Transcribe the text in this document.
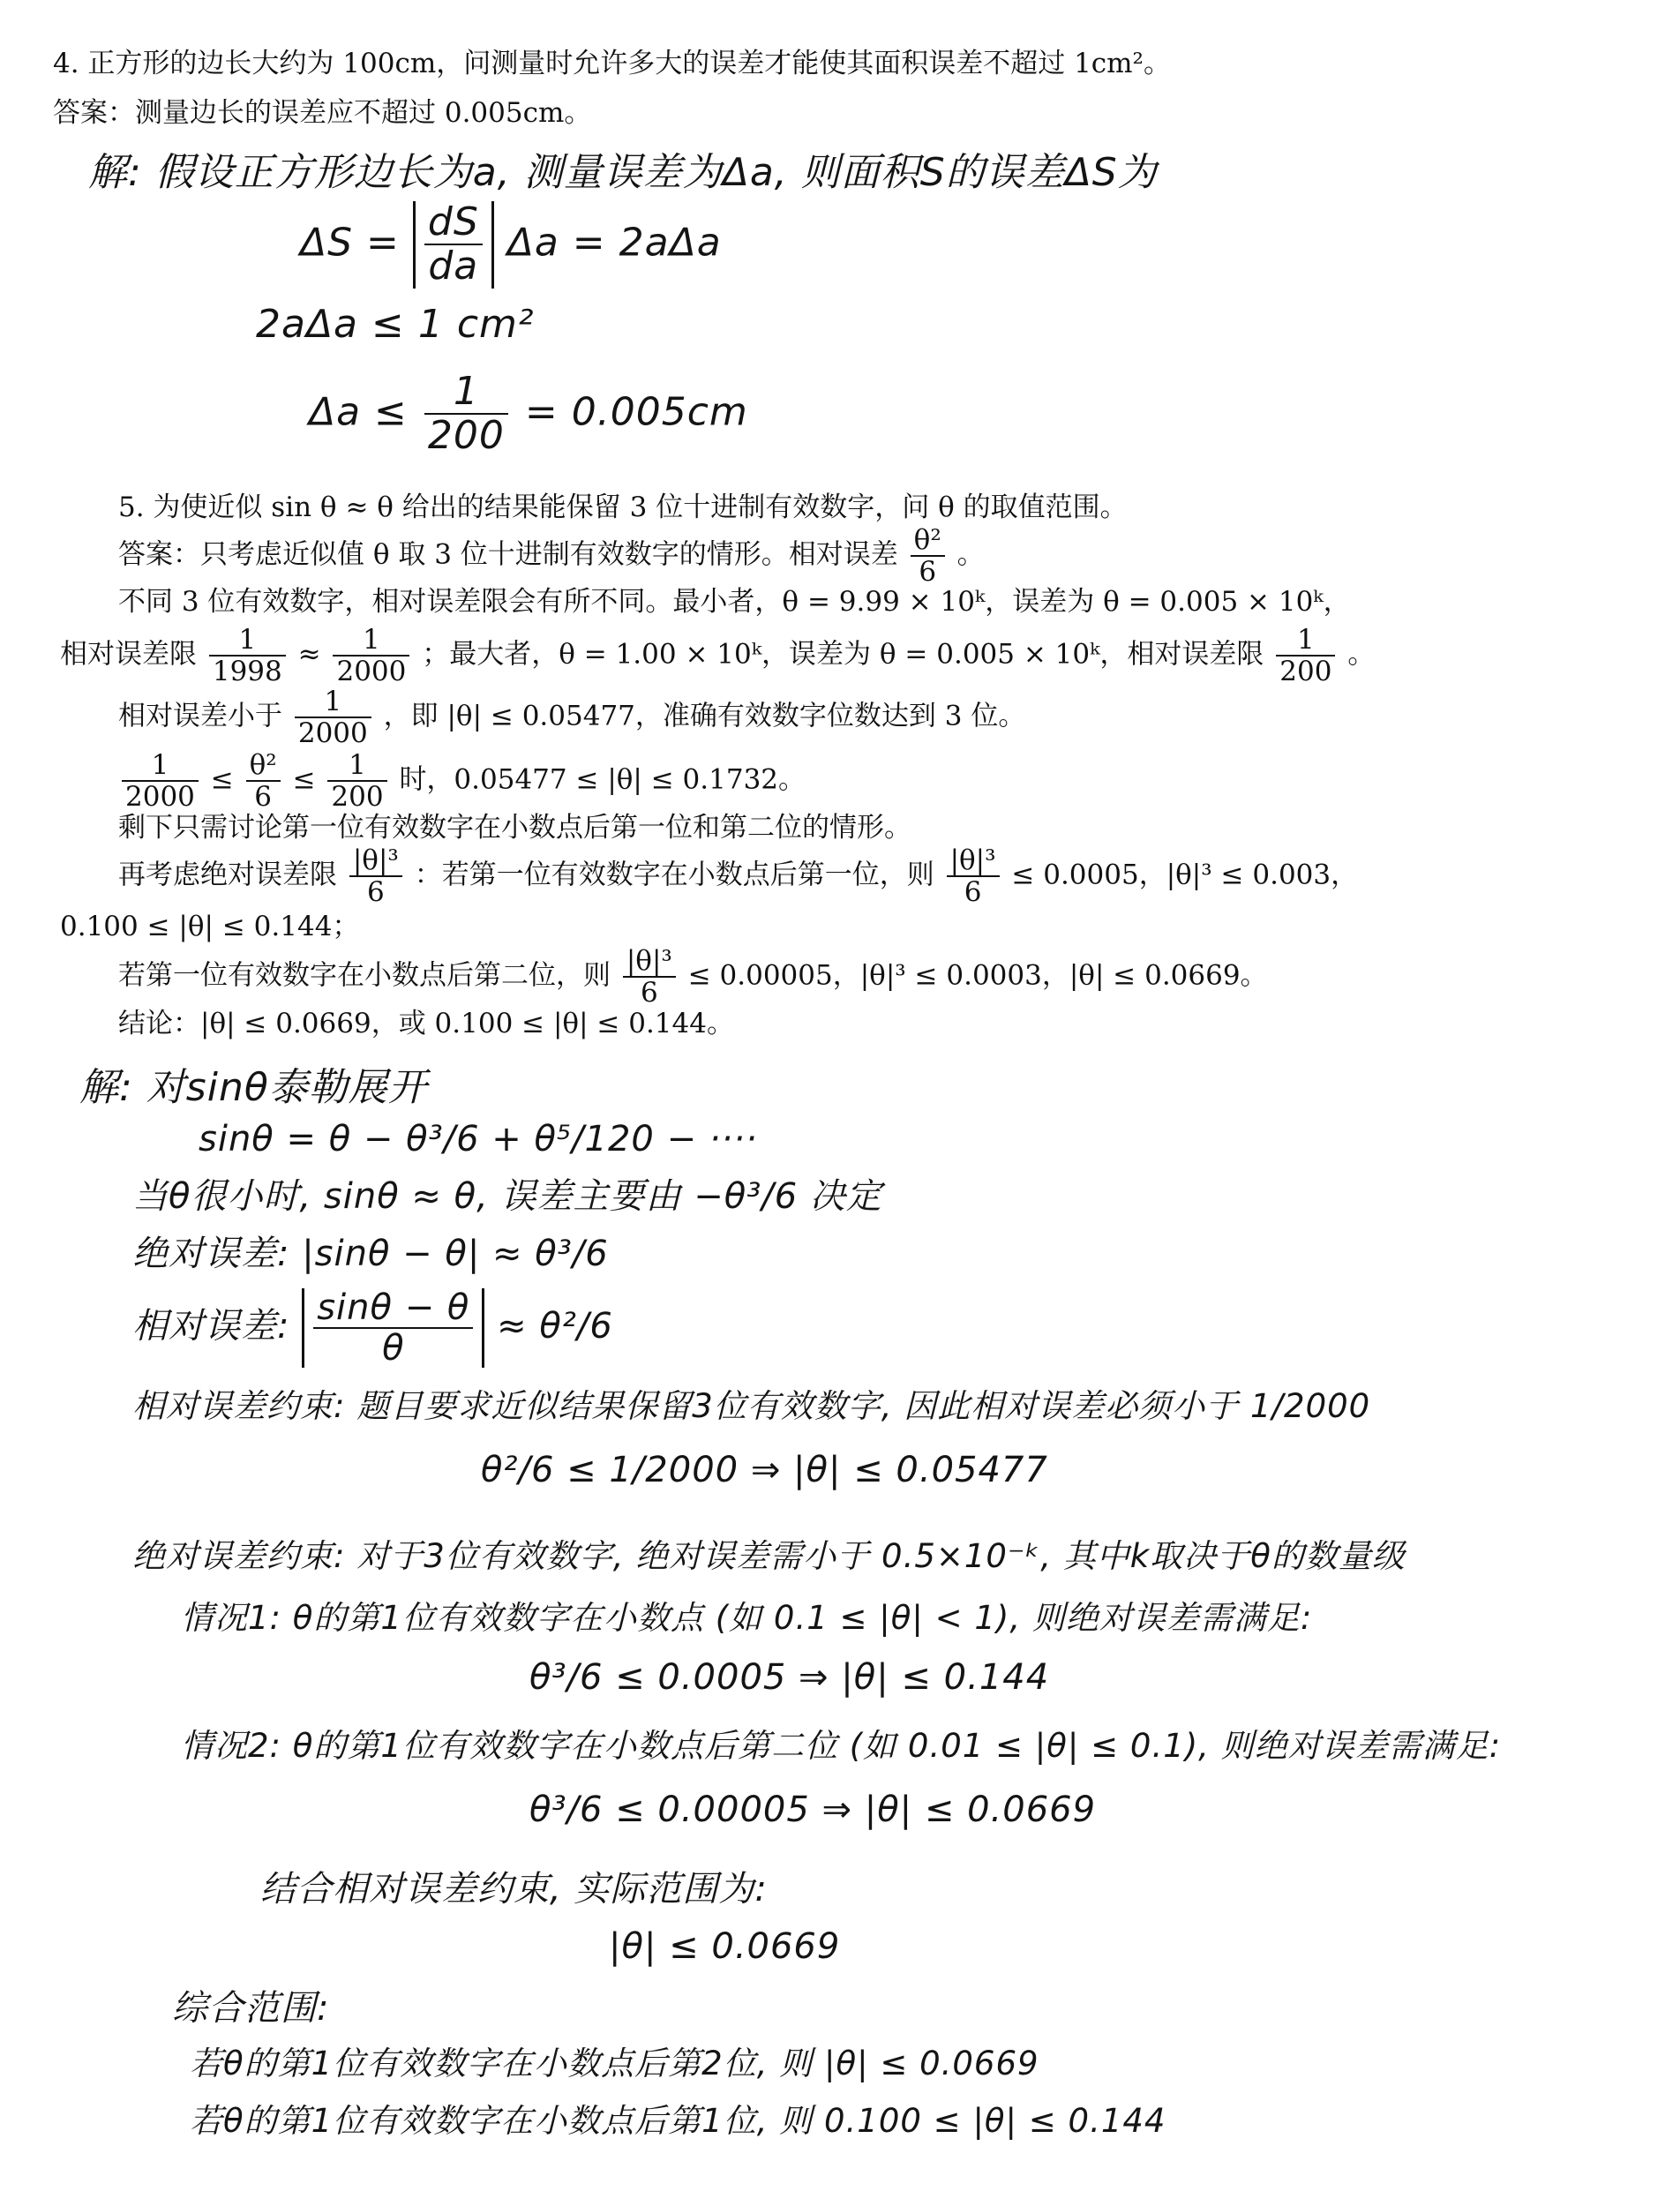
4. 正方形的边长大约为 100cm，问测量时允许多大的误差才能使其面积误差不超过 1cm²。
答案：测量边长的误差应不超过 0.005cm。
解: 假设正方形边长为a, 测量误差为Δa, 则面积S的误差ΔS为
$\Delta S = \frac{dS}{da}$ Δa = 2aΔa
2aΔa ≤ 1 cm²
$\Delta a \le \frac{1}{200} = 0.005cm$
5. 为使近似 sin θ ≈ θ 给出的结果能保留 3 位十进制有效数字，问 θ 的取值范围。
答案：只考虑近似值 θ 取 3 位十进制有效数字的情形。相对误差 $\frac{\text{θ²}}{6}$ 。
不同 3 位有效数字，相对误差限会有所不同。最小者，θ = 9.99 × 10ᵏ，误差为 θ = 0.005 × 10ᵏ，
相对误差限 $\frac{1}{1998} \approx \frac{1}{2000}$ ；最大者，θ = 1.00 × 10ᵏ，误差为 θ = 0.005 × 10ᵏ，相对误差限 $\frac{1}{200}$ 。
相对误差小于 $\frac{1}{2000}$ ，即 |θ| ≤ 0.05477，准确有效数字位数达到 3 位。
$\frac{1}{2000} \le \frac{\text{θ²}}{6} \le \frac{1}{200}$ 时，0.05477 ≤ |θ| ≤ 0.1732。
剩下只需讨论第一位有效数字在小数点后第一位和第二位的情形。
再考虑绝对误差限 $\frac{\text{|θ|³}}{6}$ ：若第一位有效数字在小数点后第一位，则 $\frac{\text{|θ|³}}{6} \le 0.0005$，|θ|³ ≤ 0.003，
0.100 ≤ |θ| ≤ 0.144；
若第一位有效数字在小数点后第二位，则 $\frac{\text{|θ|³}}{6} \le 0.00005$，|θ|³ ≤ 0.0003，|θ| ≤ 0.0669。
结论：|θ| ≤ 0.0669，或 0.100 ≤ |θ| ≤ 0.144。
解: 对sinθ泰勒展开
sinθ = θ − θ³/6 + θ⁵/120 − ····
当θ很小时, sinθ ≈ θ, 误差主要由 −θ³/6 决定
绝对误差: |sinθ − θ| ≈ θ³/6
相对误差: $\frac{\sin\theta - \theta}{\theta} \approx \theta^2/6$
相对误差约束: 题目要求近似结果保留3位有效数字, 因此相对误差必须小于 1/2000
θ²/6 ≤ 1/2000 ⇒ |θ| ≤ 0.05477
绝对误差约束: 对于3位有效数字, 绝对误差需小于 0.5×10⁻ᵏ, 其中k取决于θ的数量级
情况1: θ的第1位有效数字在小数点 (如 0.1 ≤ |θ| < 1), 则绝对误差需满足:
θ³/6 ≤ 0.0005 ⇒ |θ| ≤ 0.144
情况2: θ的第1位有效数字在小数点后第二位 (如 0.01 ≤ |θ| ≤ 0.1), 则绝对误差需满足:
θ³/6 ≤ 0.00005 ⇒ |θ| ≤ 0.0669
结合相对误差约束, 实际范围为:
|θ| ≤ 0.0669
综合范围:
若θ的第1位有效数字在小数点后第2位, 则 |θ| ≤ 0.0669
若θ的第1位有效数字在小数点后第1位, 则 0.100 ≤ |θ| ≤ 0.144
